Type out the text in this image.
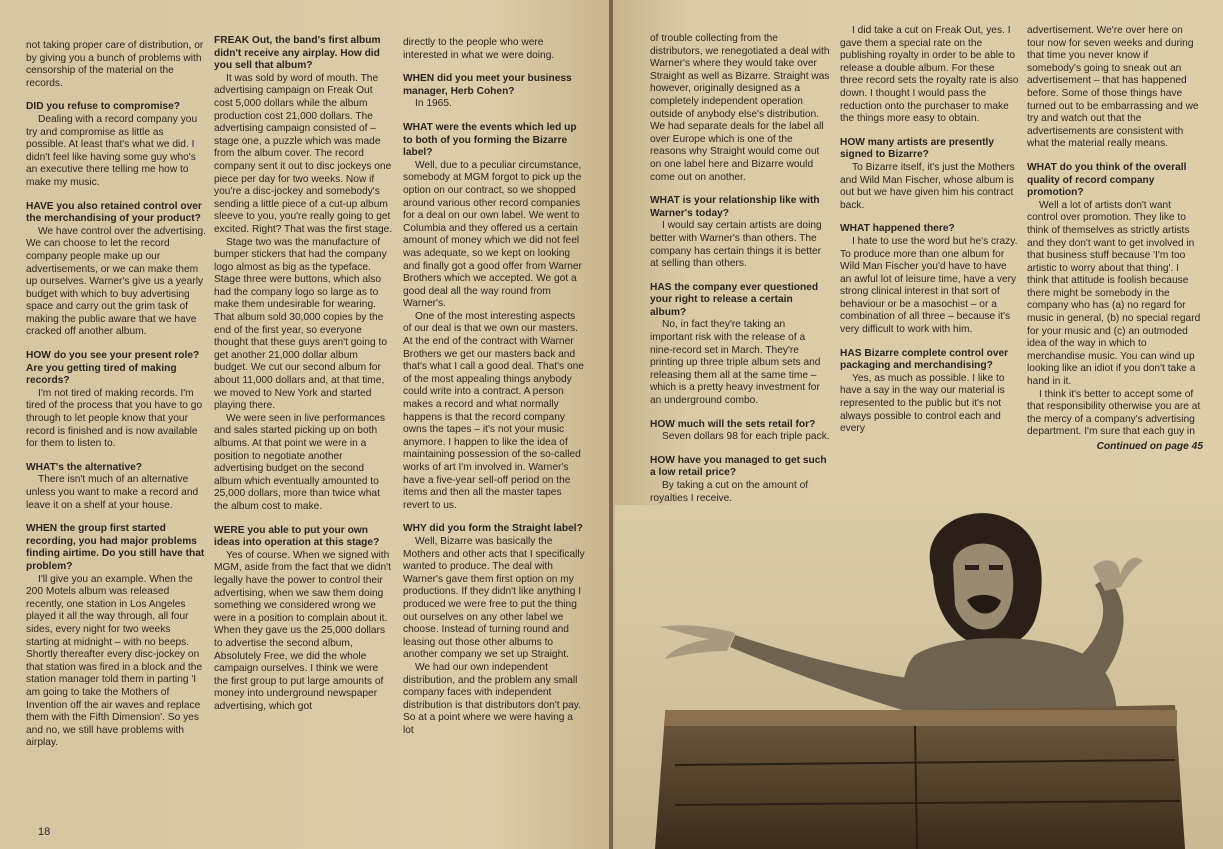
not taking proper care of distribution, or by giving you a bunch of problems with censorship of the material on the records.

DID you refuse to compromise?

Dealing with a record company you try and compromise as little as possible. At least that's what we did. I didn't feel like having some guy who's an executive there telling me how to make my music.

HAVE you also retained control over the merchandising of your product?

We have control over the advertising. We can choose to let the record company people make up our advertisements, or we can make them up ourselves. Warner's give us a yearly budget with which to buy advertising space and carry out the grim task of making the public aware that we have cracked off another album.

HOW do you see your present role? Are you getting tired of making records?

I'm not tired of making records. I'm tired of the process that you have to go through to let people know that your record is finished and is now available for them to listen to.

WHAT's the alternative?

There isn't much of an alternative unless you want to make a record and leave it on a shelf at your house.

WHEN the group first started recording, you had major problems finding airtime. Do you still have that problem?

I'll give you an example. When the 200 Motels album was released recently, one station in Los Angeles played it all the way through, all four sides, every night for two weeks starting at midnight – with no beeps. Shortly thereafter every disc-jockey on that station was fired in a block and the station manager told them in parting 'I am going to take the Mothers of Invention off the air waves and replace them with the Fifth Dimension'. So yes and no, we still have problems with airplay.

FREAK Out, the band's first album didn't receive any airplay. How did you sell that album?

It was sold by word of mouth. The advertising campaign on Freak Out cost 5,000 dollars while the album production cost 21,000 dollars. The advertising campaign consisted of – stage one, a puzzle which was made from the album cover. The record company sent it out to disc jockeys one piece per day for two weeks. Now if you're a disc-jockey and somebody's sending a little piece of a cut-up album sleeve to you, you're really going to get excited. Right? That was the first stage.

Stage two was the manufacture of bumper stickers that had the company logo almost as big as the typeface. Stage three were buttons, which also had the company logo so large as to make them undesirable for wearing. That album sold 30,000 copies by the end of the first year, so everyone thought that these guys aren't going to get another 21,000 dollar album budget. We cut our second album for about 11,000 dollars and, at that time, we moved to New York and started playing there.

We were seen in live performances and sales started picking up on both albums. At that point we were in a position to negotiate another advertising budget on the second album which eventually amounted to 25,000 dollars, more than twice what the album cost to make.

WERE you able to put your own ideas into operation at this stage?

Yes of course. When we signed with MGM, aside from the fact that we didn't legally have the power to control their advertising, when we saw them doing something we considered wrong we were in a position to complain about it. When they gave us the 25,000 dollars to advertise the second album, Absolutely Free, we did the whole campaign ourselves. I think we were the first group to put large amounts of money into underground newspaper advertising, which got

directly to the people who were interested in what we were doing.

WHEN did you meet your business manager, Herb Cohen?

In 1965.

WHAT were the events which led up to both of you forming the Bizarre label?

Well, due to a peculiar circumstance, somebody at MGM forgot to pick up the option on our contract, so we shopped around various other record companies for a deal on our own label. We went to Columbia and they offered us a certain amount of money which we did not feel was adequate, so we kept on looking and finally got a good offer from Warner Brothers which we accepted. We got a good deal all the way round from Warner's.

One of the most interesting aspects of our deal is that we own our masters. At the end of the contract with Warner Brothers we get our masters back and that's what I call a good deal. That's one of the most appealing things anybody could write into a contract. A person makes a record and what normally happens is that the record company owns the tapes – it's not your music anymore. I happen to like the idea of maintaining possession of the so-called works of art I'm involved in. Warner's have a five-year sell-off period on the items and then all the master tapes revert to us.

WHY did you form the Straight label?

Well, Bizarre was basically the Mothers and other acts that I specifically wanted to produce. The deal with Warner's gave them first option on my productions. If they didn't like anything I produced we were free to put the thing out ourselves on any other label we choose. Instead of turning round and leasing out those other albums to another company we set up Straight.

We had our own independent distribution, and the problem any small company faces with independent distribution is that distributors don't pay. So at a point where we were having a lot

18

of trouble collecting from the distributors, we renegotiated a deal with Warner's where they would take over Straight as well as Bizarre. Straight was however, originally designed as a completely independent operation outside of anybody else's distribution. We had separate deals for the label all over Europe which is one of the reasons why Straight would come out on one label here and Bizarre would come out on another.

WHAT is your relationship like with Warner's today?

I would say certain artists are doing better with Warner's than others. The company has certain things it is better at selling than others.

HAS the company ever questioned your right to release a certain album?

No, in fact they're taking an important risk with the release of a nine-record set in March. They're printing up three triple album sets and releasing them all at the same time – which is a pretty heavy investment for an underground combo.

HOW much will the sets retail for?

Seven dollars 98 for each triple pack.

HOW have you managed to get such a low retail price?

By taking a cut on the amount of royalties I receive.

I did take a cut on Freak Out, yes. I gave them a special rate on the publishing royalty in order to be able to release a double album. For these three record sets the royalty rate is also down. I thought I would pass the reduction onto the purchaser to make the things more easy to obtain.

HOW many artists are presently signed to Bizarre?

To Bizarre itself, it's just the Mothers and Wild Man Fischer, whose album is out but we have given him his contract back.

WHAT happened there?

I hate to use the word but he's crazy. To produce more than one album for Wild Man Fischer you'd have to have an awful lot of leisure time, have a very strong clinical interest in that sort of behaviour or be a masochist – or a combination of all three – because it's very difficult to work with him.

HAS Bizarre complete control over packaging and merchandising?

Yes, as much as possible. I like to have a say in the way our material is represented to the public but it's not always possible to control each and every

advertisement. We're over here on tour now for seven weeks and during that time you never know if somebody's going to sneak out an advertisement – that has happened before. Some of those things have turned out to be embarrassing and we try and watch out that the advertisements are consistent with what the material really means.

WHAT do you think of the overall quality of record company promotion?

Well a lot of artists don't want control over promotion. They like to think of themselves as strictly artists and they don't want to get involved in that business stuff because 'I'm too artistic to worry about that thing'. I think that attitude is foolish because there might be somebody in the company who has (a) no regard for music in general, (b) no special regard for your music and (c) an outmoded idea of the way in which to merchandise music. You can wind up looking like an idiot if you don't take a hand in it.

I think it's better to accept some of that responsibility otherwise you are at the mercy of a company's advertising department. I'm sure that each guy in

Continued on page 45
